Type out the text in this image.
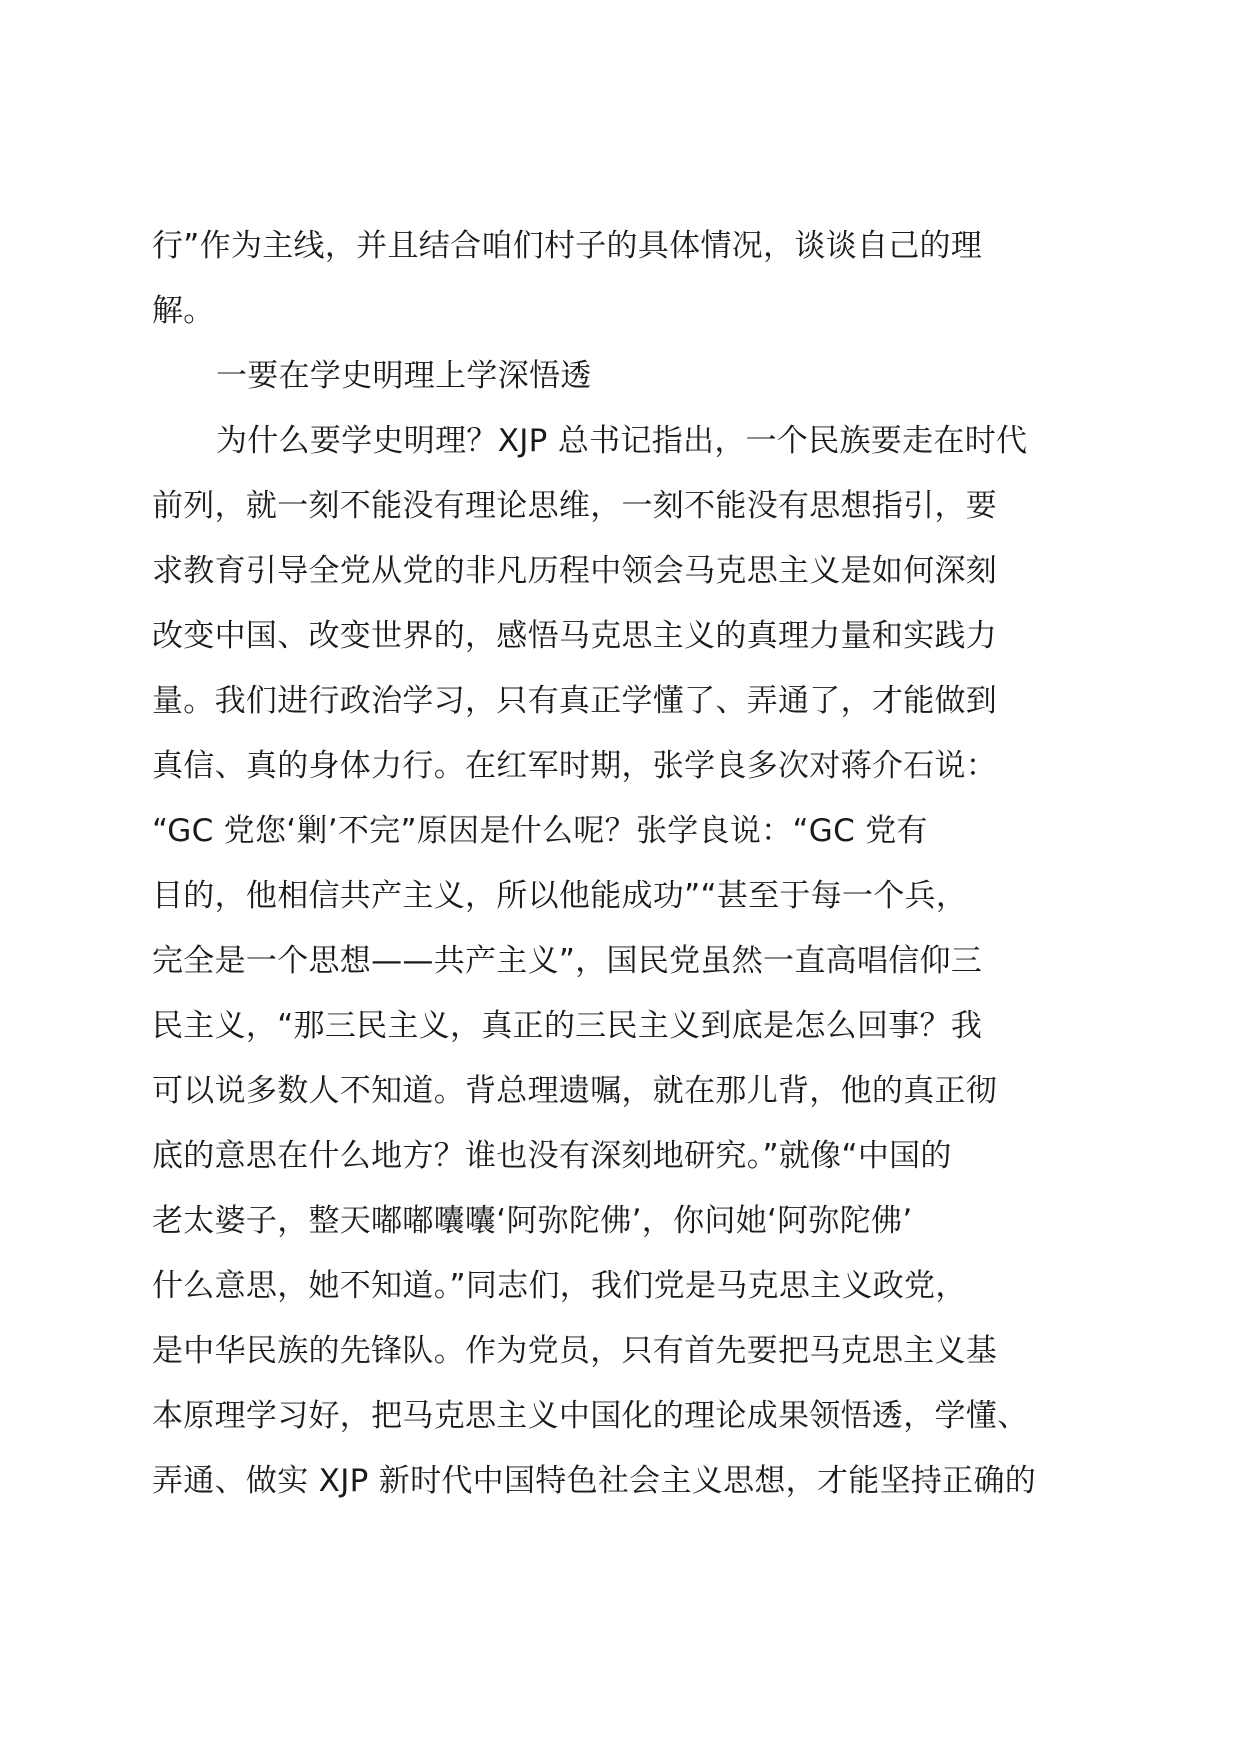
行”作为主线，并且结合咱们村子的具体情况，谈谈自己的理
解。
一要在学史明理上学深悟透
为什么要学史明理？XJP 总书记指出，一个民族要走在时代
前列，就一刻不能没有理论思维，一刻不能没有思想指引，要
求教育引导全党从党的非凡历程中领会马克思主义是如何深刻
改变中国、改变世界的，感悟马克思主义的真理力量和实践力
量。我们进行政治学习，只有真正学懂了、弄通了，才能做到
真信、真的身体力行。在红军时期，张学良多次对蒋介石说：
“GC 党您‘剿’不完”原因是什么呢？张学良说：“GC 党有
目的，他相信共产主义，所以他能成功”“甚至于每一个兵，
完全是一个思想——共产主义”，国民党虽然一直高唱信仰三
民主义，“那三民主义，真正的三民主义到底是怎么回事？我
可以说多数人不知道。背总理遗嘱，就在那儿背，他的真正彻
底的意思在什么地方？谁也没有深刻地研究。”就像“中国的
老太婆子，整天嘟嘟囔囔‘阿弥陀佛’，你问她‘阿弥陀佛’
什么意思，她不知道。”同志们，我们党是马克思主义政党，
是中华民族的先锋队。作为党员，只有首先要把马克思主义基
本原理学习好，把马克思主义中国化的理论成果领悟透，学懂、
弄通、做实 XJP 新时代中国特色社会主义思想，才能坚持正确的
